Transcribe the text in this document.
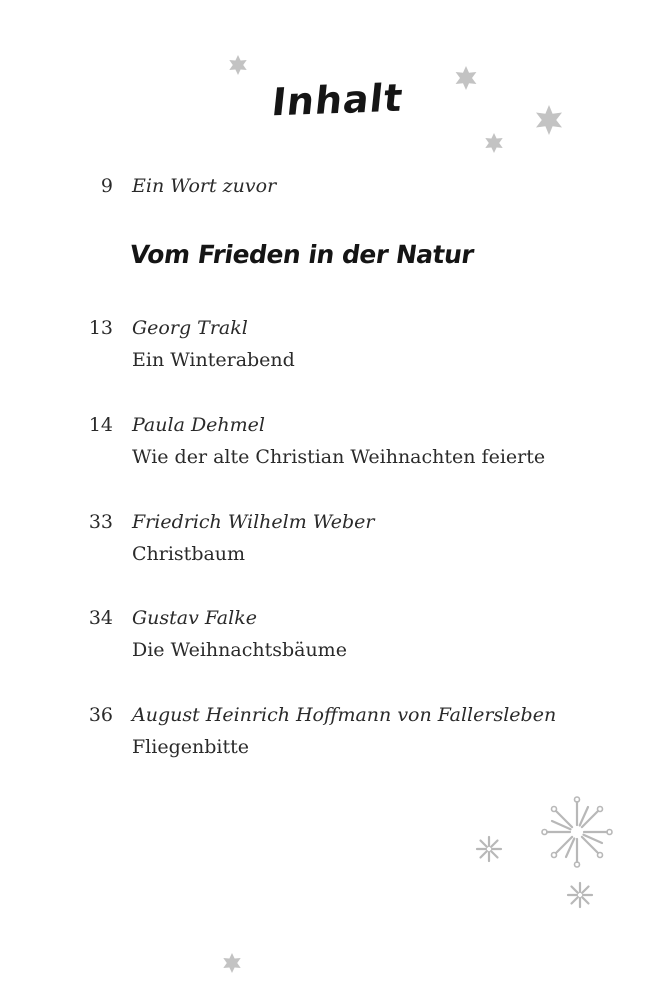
Inhalt
9 Ein Wort zuvor
Vom Frieden in der Natur
13 Georg Trakl
Ein Winterabend
14 Paula Dehmel
Wie der alte Christian Weihnachten feierte
33 Friedrich Wilhelm Weber
Christbaum
34 Gustav Falke
Die Weihnachtsbäume
36 August Heinrich Hoffmann von Fallersleben
Fliegenbitte
